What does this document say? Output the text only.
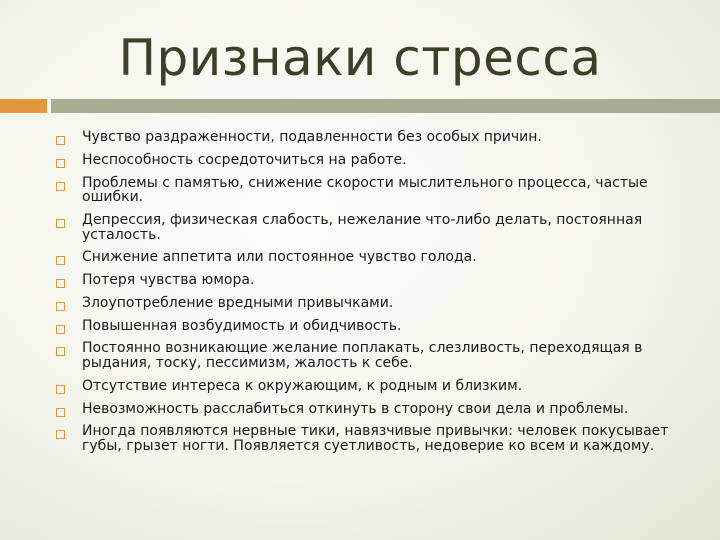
Признаки стресса
Чувство раздраженности, подавленности без особых причин.
Неспособность сосредоточиться на работе.
Проблемы с памятью, снижение скорости мыслительного процесса, частые ошибки.
Депрессия, физическая слабость, нежелание что-либо делать, постоянная усталость.
Снижение аппетита или постоянное чувство голода.
Потеря чувства юмора.
Злоупотребление вредными привычками.
Повышенная возбудимость и обидчивость.
Постоянно возникающие желание поплакать, слезливость, переходящая в рыдания, тоску, пессимизм, жалость к себе.
Отсутствие интереса к окружающим, к родным и близким.
Невозможность расслабиться откинуть в сторону свои дела и проблемы.
Иногда появляются нервные тики, навязчивые привычки: человек покусывает губы, грызет ногти. Появляется суетливость, недоверие ко всем и каждому.
